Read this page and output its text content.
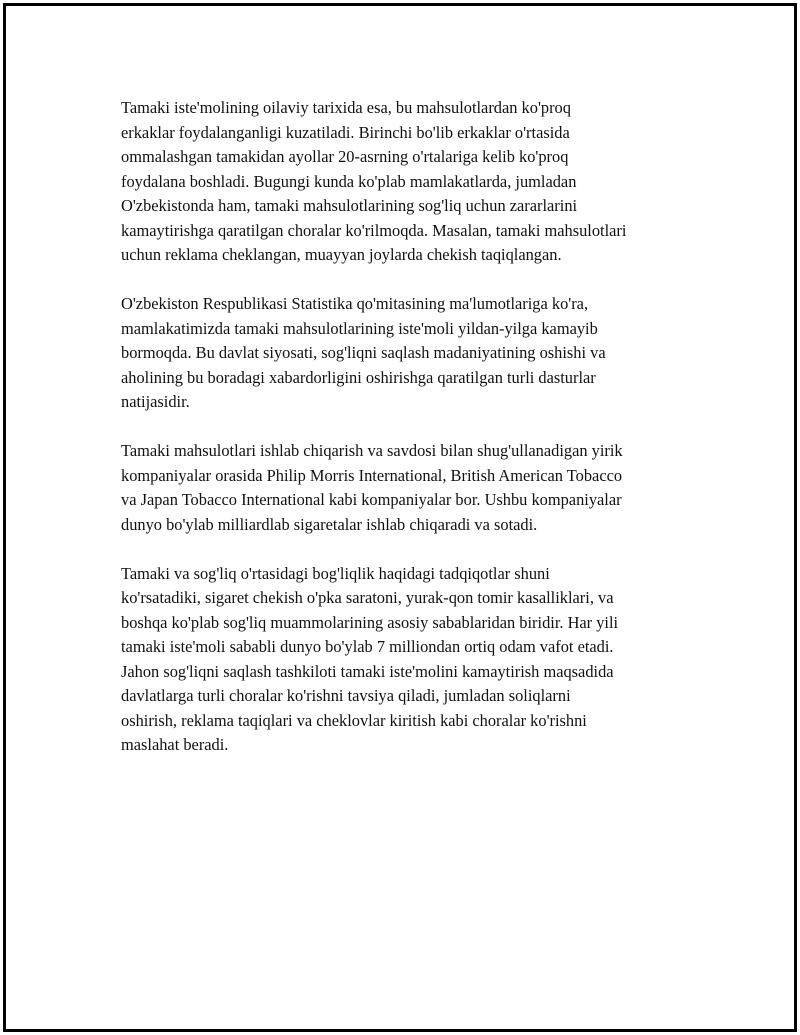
Tamaki iste'molining oilaviy tarixida esa, bu mahsulotlardan ko'proq
erkaklar foydalanganligi kuzatiladi. Birinchi bo'lib erkaklar o'rtasida
ommalashgan tamakidan ayollar 20-asrning o'rtalariga kelib ko'proq
foydalana boshladi. Bugungi kunda ko'plab mamlakatlarda, jumladan
O'zbekistonda ham, tamaki mahsulotlarining sog'liq uchun zararlarini
kamaytirishga qaratilgan choralar ko'rilmoqda. Masalan, tamaki mahsulotlari
uchun reklama cheklangan, muayyan joylarda chekish taqiqlangan.

O'zbekiston Respublikasi Statistika qo'mitasining ma'lumotlariga ko'ra,
mamlakatimizda tamaki mahsulotlarining iste'moli yildan-yilga kamayib
bormoqda. Bu davlat siyosati, sog'liqni saqlash madaniyatining oshishi va
aholining bu boradagi xabardorligini oshirishga qaratilgan turli dasturlar
natijasidir.

Tamaki mahsulotlari ishlab chiqarish va savdosi bilan shug'ullanadigan yirik
kompaniyalar orasida Philip Morris International, British American Tobacco
va Japan Tobacco International kabi kompaniyalar bor. Ushbu kompaniyalar
dunyo bo'ylab milliardlab sigaretalar ishlab chiqaradi va sotadi.

Tamaki va sog'liq o'rtasidagi bog'liqlik haqidagi tadqiqotlar shuni
ko'rsatadiki, sigaret chekish o'pka saratoni, yurak-qon tomir kasalliklari, va
boshqa ko'plab sog'liq muammolarining asosiy sabablaridan biridir. Har yili
tamaki iste'moli sababli dunyo bo'ylab 7 milliondan ortiq odam vafot etadi.
Jahon sog'liqni saqlash tashkiloti tamaki iste'molini kamaytirish maqsadida
davlatlarga turli choralar ko'rishni tavsiya qiladi, jumladan soliqlarni
oshirish, reklama taqiqlari va cheklovlar kiritish kabi choralar ko'rishni
maslahat beradi.
